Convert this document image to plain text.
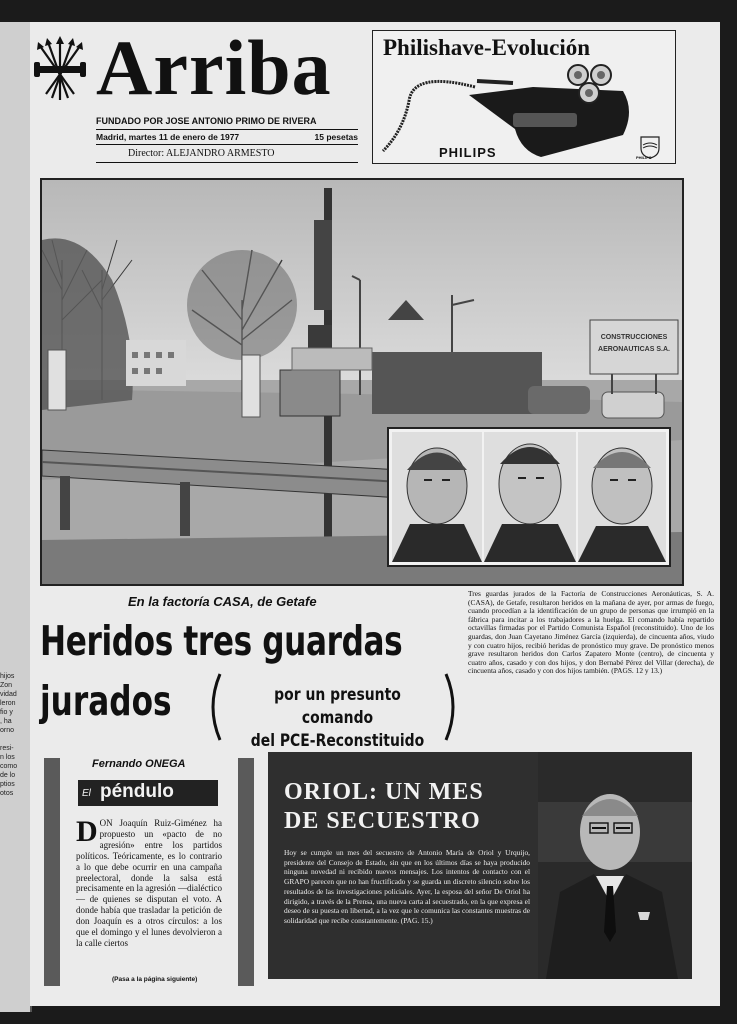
hijos
Zon
vidad
leron
fio y
, ha
orno
resi-
n los
como
de lo
ptios
otos
Arriba
FUNDADO POR JOSE ANTONIO PRIMO DE RIVERA
Madrid, martes 11 de enero de 1977	15 pesetas
Director: ALEJANDRO ARMESTO
Philishave-Evolución
PHILIPS	PHILIPS
CONSTRUCCIONES
AERONAUTICAS S.A.
En la factoría CASA, de Getafe
Heridos tres guardas
jurados	por un presunto comando
del PCE-Reconstituido
Tres guardas jurados de la Factoría de Construcciones Aeronáuticas, S. A. (CASA), de Getafe, resultaron heridos en la mañana de ayer, por armas de fuego, cuando procedían a la identificación de un grupo de personas que irrumpió en la fábrica para incitar a los trabajadores a la huelga. El comando había repartido octavillas firmadas por el Partido Comunista Español (reconstituido). Uno de los guardas, don Juan Cayetano Jiménez García (izquierda), de cincuenta años, viudo y con cuatro hijos, recibió heridas de pronóstico muy grave. De pronóstico menos grave resultaron heridos don Carlos Zapatero Monte (centro), de cincuenta y cuatro años, casado y con dos hijos, y don Bernabé Pérez del Villar (derecha), de cincuenta años, casado y con dos hijos también. (PAGS. 12 y 13.)
Fernando ONEGA
El péndulo
DON Joaquín Ruiz-Giménez ha propuesto un «pacto de no agresión» entre los partidos políticos. Teóricamente, es lo contrario a lo que debe ocurrir en una campaña preelectoral, donde la salsa está precisamente en la agresión —dialéctico— de quienes se disputan el voto. A donde había que trasladar la petición de don Joaquín es a otros círculos: a los que el domingo y el lunes devolvieron a la calle ciertos
(Pasa a la página siguiente)
ORIOL: UN MES
DE SECUESTRO
Hoy se cumple un mes del secuestro de Antonio María de Oriol y Urquijo, presidente del Consejo de Estado, sin que en los últimos días se haya producido ninguna novedad ni recibido nuevos mensajes. Los intentos de contacto con el GRAPO parecen que no han fructificado y se guarda un discreto silencio sobre los resultados de las investigaciones policiales. Ayer, la esposa del señor De Oriol ha dirigido, a través de la Prensa, una nueva carta al secuestrado, en la que expresa el deseo de su puesta en libertad, a la vez que le comunica las constantes muestras de solidaridad que recibe constantemente. (PAG. 15.)
